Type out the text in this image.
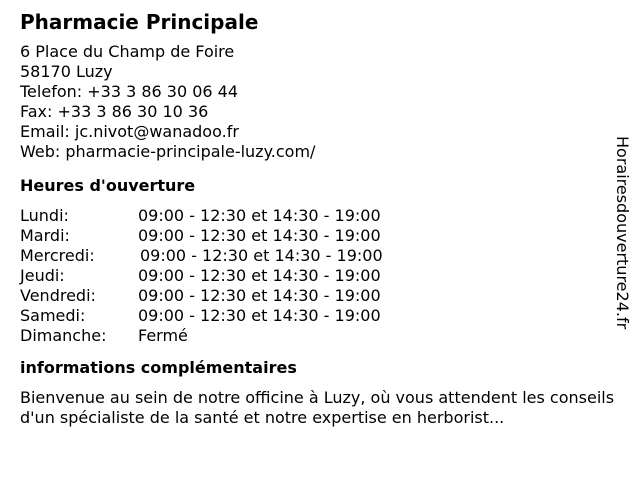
Pharmacie Principale
6 Place du Champ de Foire
58170 Luzy
Telefon: +33 3 86 30 06 44
Fax: +33 3 86 30 10 36
Email: jc.nivot@wanadoo.fr
Web: pharmacie-principale-luzy.com/
Heures d'ouverture
Lundi:	09:00 - 12:30 et 14:30 - 19:00
Mardi:	09:00 - 12:30 et 14:30 - 19:00
Mercredi:	09:00 - 12:30 et 14:30 - 19:00
Jeudi:	09:00 - 12:30 et 14:30 - 19:00
Vendredi:	09:00 - 12:30 et 14:30 - 19:00
Samedi:	09:00 - 12:30 et 14:30 - 19:00
Dimanche: Fermé
informations complémentaires
Bienvenue au sein de notre officine à Luzy, où vous attendent les conseils d'un spécialiste de la santé et notre expertise en herborist...
Horairesdouverture24.fr
